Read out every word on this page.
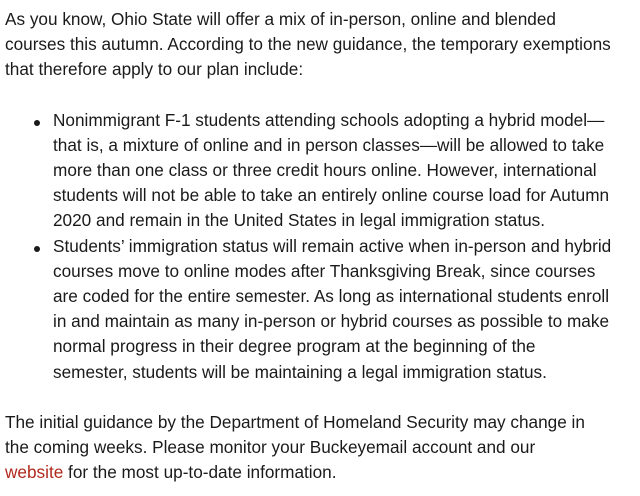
As you know, Ohio State will offer a mix of in-person, online and blended
courses this autumn. According to the new guidance, the temporary exemptions
that therefore apply to our plan include:

Nonimmigrant F-1 students attending schools adopting a hybrid model—
that is, a mixture of online and in person classes—will be allowed to take
more than one class or three credit hours online. However, international
students will not be able to take an entirely online course load for Autumn
2020 and remain in the United States in legal immigration status.
Students’ immigration status will remain active when in-person and hybrid
courses move to online modes after Thanksgiving Break, since courses
are coded for the entire semester. As long as international students enroll
in and maintain as many in-person or hybrid courses as possible to make
normal progress in their degree program at the beginning of the
semester, students will be maintaining a legal immigration status.

The initial guidance by the Department of Homeland Security may change in
the coming weeks. Please monitor your Buckeyemail account and our
website for the most up-to-date information.
